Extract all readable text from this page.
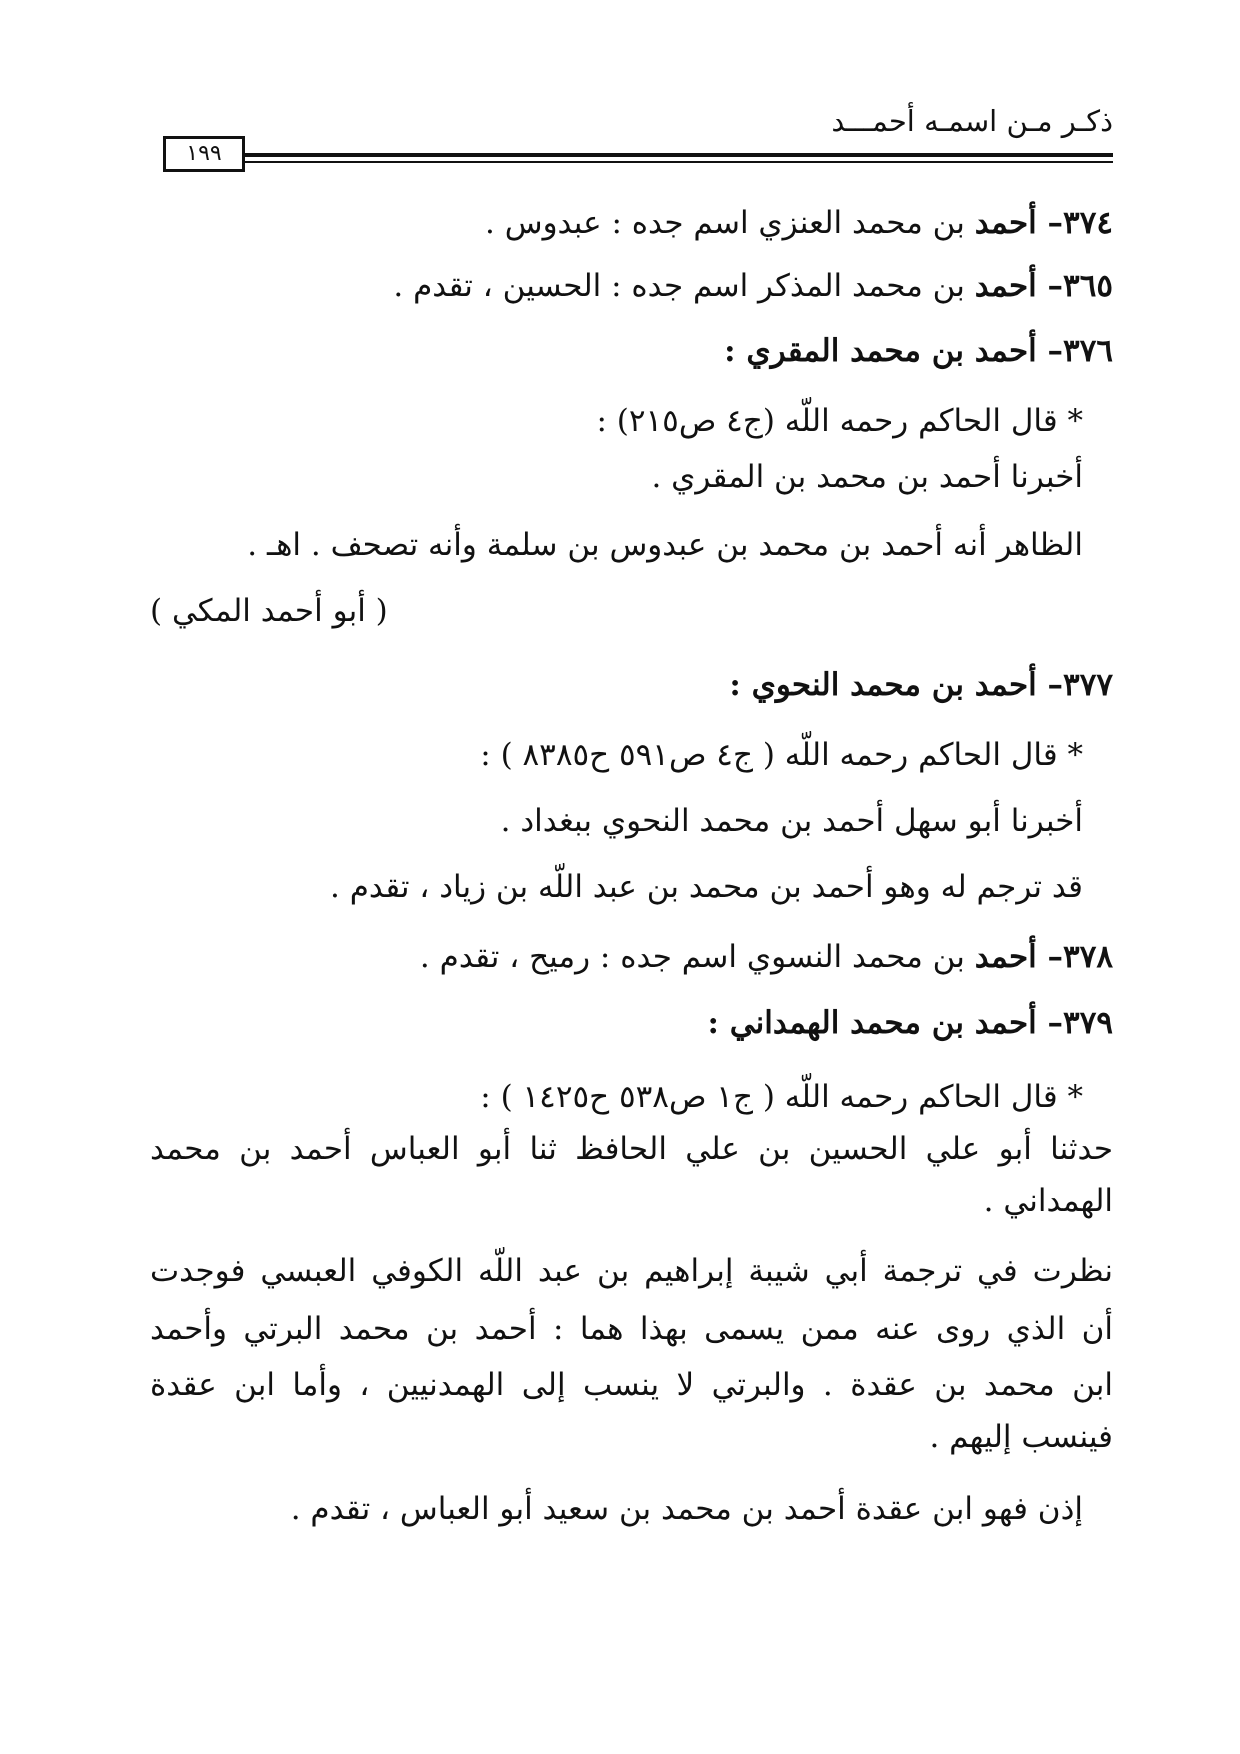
ذكـر مـن اسمـه أحمـــد
١٩٩
٣٧٤– أحمد بن محمد العنزي اسم جده : عبدوس .
٣٦٥– أحمد بن محمد المذكر اسم جده : الحسين ، تقدم .
٣٧٦– أحمد بن محمد المقري :
* قال الحاكم رحمه اللّه (ج٤ ص٢١٥) :
أخبرنا أحمد بن محمد بن المقري .
الظاهر أنه أحمد بن محمد بن عبدوس بن سلمة وأنه تصحف . اهـ .
( أبو أحمد المكي )
٣٧٧– أحمد بن محمد النحوي :
* قال الحاكم رحمه اللّه ( ج٤ ص٥٩١ ح٨٣٨٥ ) :
أخبرنا أبو سهل أحمد بن محمد النحوي ببغداد .
قد ترجم له وهو أحمد بن محمد بن عبد اللّه بن زياد ، تقدم .
٣٧٨– أحمد بن محمد النسوي اسم جده : رميح ، تقدم .
٣٧٩– أحمد بن محمد الهمداني :
* قال الحاكم رحمه اللّه ( ج١ ص٥٣٨ ح١٤٢٥ ) :
حدثنا أبو علي الحسين بن علي الحافظ ثنا أبو العباس أحمد بن محمد
الهمداني .
نظرت في ترجمة أبي شيبة إبراهيم بن عبد اللّه الكوفي العبسي فوجدت
أن الذي روى عنه ممن يسمى بهذا هما : أحمد بن محمد البرتي وأحمد
ابن محمد بن عقدة . والبرتي لا ينسب إلى الهمدنيين ، وأما ابن عقدة
فينسب إليهم .
إذن فهو ابن عقدة أحمد بن محمد بن سعيد أبو العباس ، تقدم .
